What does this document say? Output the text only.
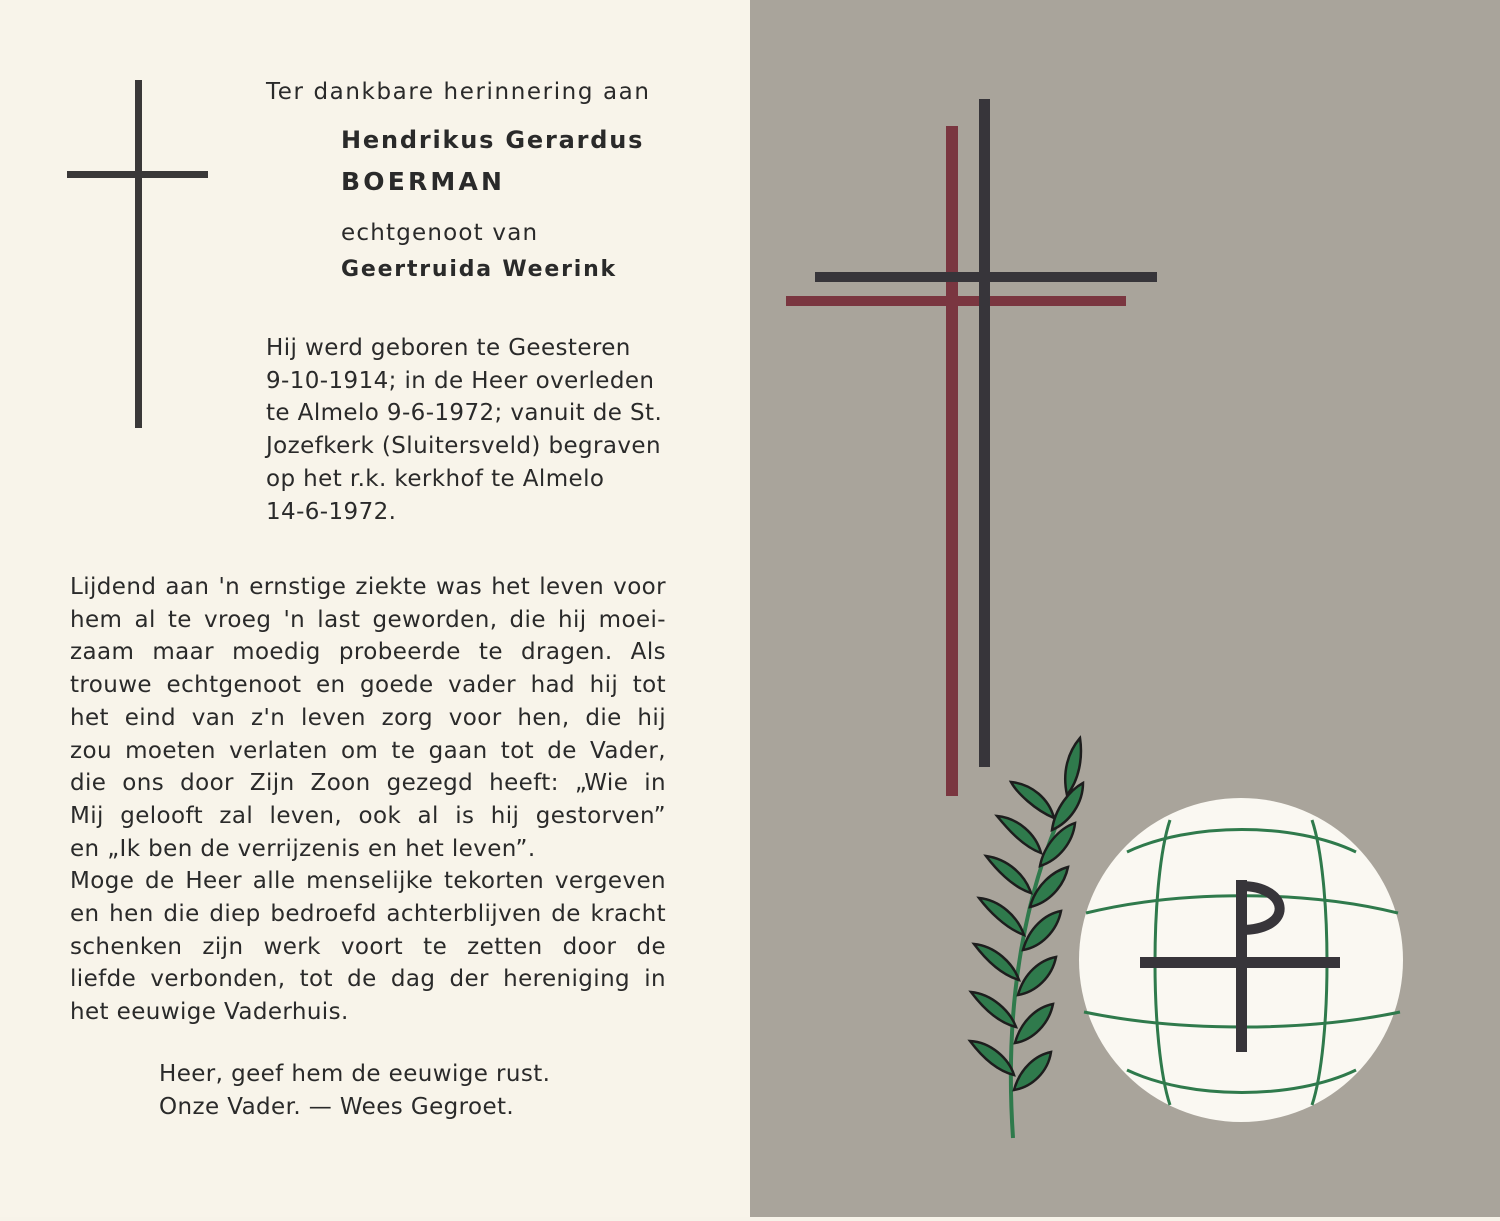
Ter dankbare herinnering aan
Hendrikus Gerardus
BOERMAN
echtgenoot van
Geertruida Weerink
Hij werd geboren te Geesteren
9-10-1914; in de Heer overleden
te Almelo 9-6-1972; vanuit de St.
Jozefkerk (Sluitersveld) begraven
op het r.k. kerkhof te Almelo
14-6-1972.
Lijdend aan 'n ernstige ziekte was het leven voor
hem al te vroeg 'n last geworden, die hij moei-
zaam maar moedig probeerde te dragen. Als
trouwe echtgenoot en goede vader had hij tot
het eind van z'n leven zorg voor hen, die hij
zou moeten verlaten om te gaan tot de Vader,
die ons door Zijn Zoon gezegd heeft: „Wie in
Mij gelooft zal leven, ook al is hij gestorven”
en „Ik ben de verrijzenis en het leven”.
Moge de Heer alle menselijke tekorten vergeven
en hen die diep bedroefd achterblijven de kracht
schenken zijn werk voort te zetten door de
liefde verbonden, tot de dag der hereniging in
het eeuwige Vaderhuis.
Heer, geef hem de eeuwige rust.
Onze Vader. — Wees Gegroet.
